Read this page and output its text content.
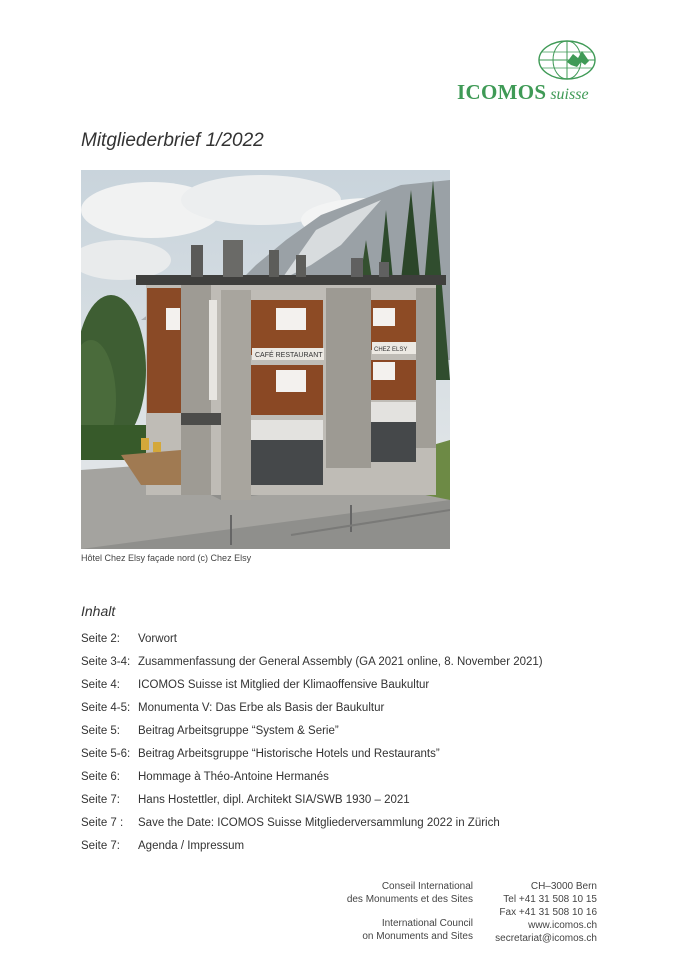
ICOMOS suisse
Mitgliederbrief 1/2022
CAFÉ RESTAURANT
CHEZ ELSY
Hôtel Chez Elsy façade nord (c) Chez Elsy
Inhalt
Seite 2:	Vorwort
Seite 3-4: Zusammenfassung der General Assembly (GA 2021 online, 8. November 2021)
Seite 4:	ICOMOS Suisse ist Mitglied der Klimaoffensive Baukultur
Seite 4-5: Monumenta V: Das Erbe als Basis der Baukultur
Seite 5:	Beitrag Arbeitsgruppe “System & Serie”
Seite 5-6: Beitrag Arbeitsgruppe “Historische Hotels und Restaurants”
Seite 6:	Hommage à Théo-Antoine Hermanés
Seite 7:	Hans Hostettler, dipl. Architekt SIA/SWB 1930 – 2021
Seite 7 :	Save the Date: ICOMOS Suisse Mitgliederversammlung 2022 in Zürich
Seite 7:	Agenda / Impressum
Conseil International
des Monuments et des Sites
International Council
on Monuments and Sites
CH–3000 Bern
Tel +41 31 508 10 15
Fax +41 31 508 10 16
www.icomos.ch
secretariat@icomos.ch
